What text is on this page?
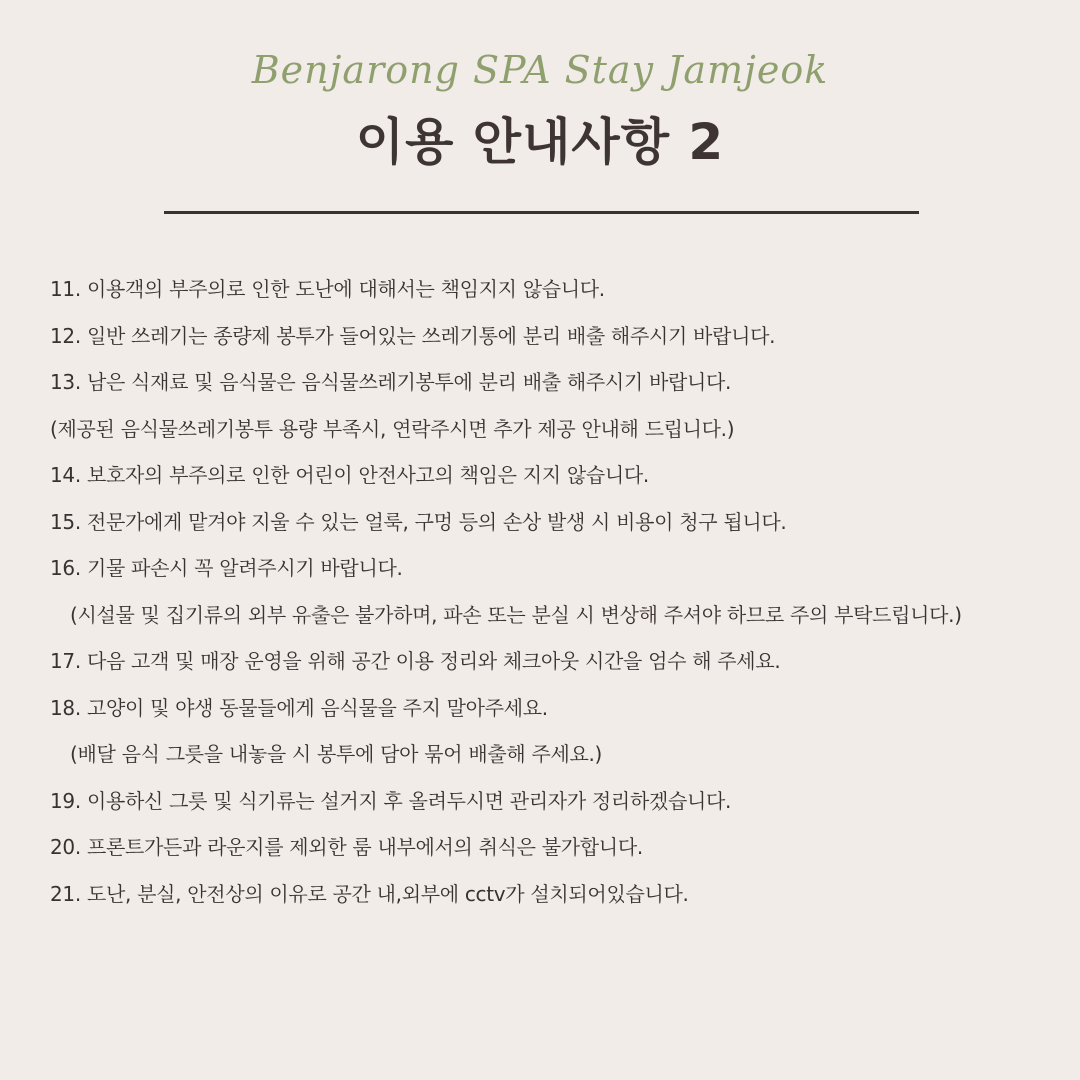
Benjarong SPA Stay Jamjeok

이용 안내사항 2
11. 이용객의 부주의로 인한 도난에 대해서는 책임지지 않습니다.
12. 일반 쓰레기는 종량제 봉투가 들어있는 쓰레기통에 분리 배출 해주시기 바랍니다.
13. 남은 식재료 및 음식물은 음식물쓰레기봉투에 분리 배출 해주시기 바랍니다.
(제공된 음식물쓰레기봉투 용량 부족시, 연락주시면 추가 제공 안내해 드립니다.)
14. 보호자의 부주의로 인한 어린이 안전사고의 책임은 지지 않습니다.
15. 전문가에게 맡겨야 지울 수 있는 얼룩, 구멍 등의 손상 발생 시 비용이 청구 됩니다.
16. 기물 파손시 꼭 알려주시기 바랍니다.
(시설물 및 집기류의 외부 유출은 불가하며, 파손 또는 분실 시 변상해 주셔야 하므로 주의 부탁드립니다.)
17. 다음 고객 및 매장 운영을 위해 공간 이용 정리와 체크아웃 시간을 엄수 해 주세요.
18. 고양이 및 야생 동물들에게 음식물을 주지 말아주세요.
(배달 음식 그릇을 내놓을 시 봉투에 담아 묶어 배출해 주세요.)
19. 이용하신 그릇 및 식기류는 설거지 후 올려두시면 관리자가 정리하겠습니다.
20. 프론트가든과 라운지를 제외한 룸 내부에서의 취식은 불가합니다.
21. 도난, 분실, 안전상의 이유로 공간 내,외부에 cctv가 설치되어있습니다.
